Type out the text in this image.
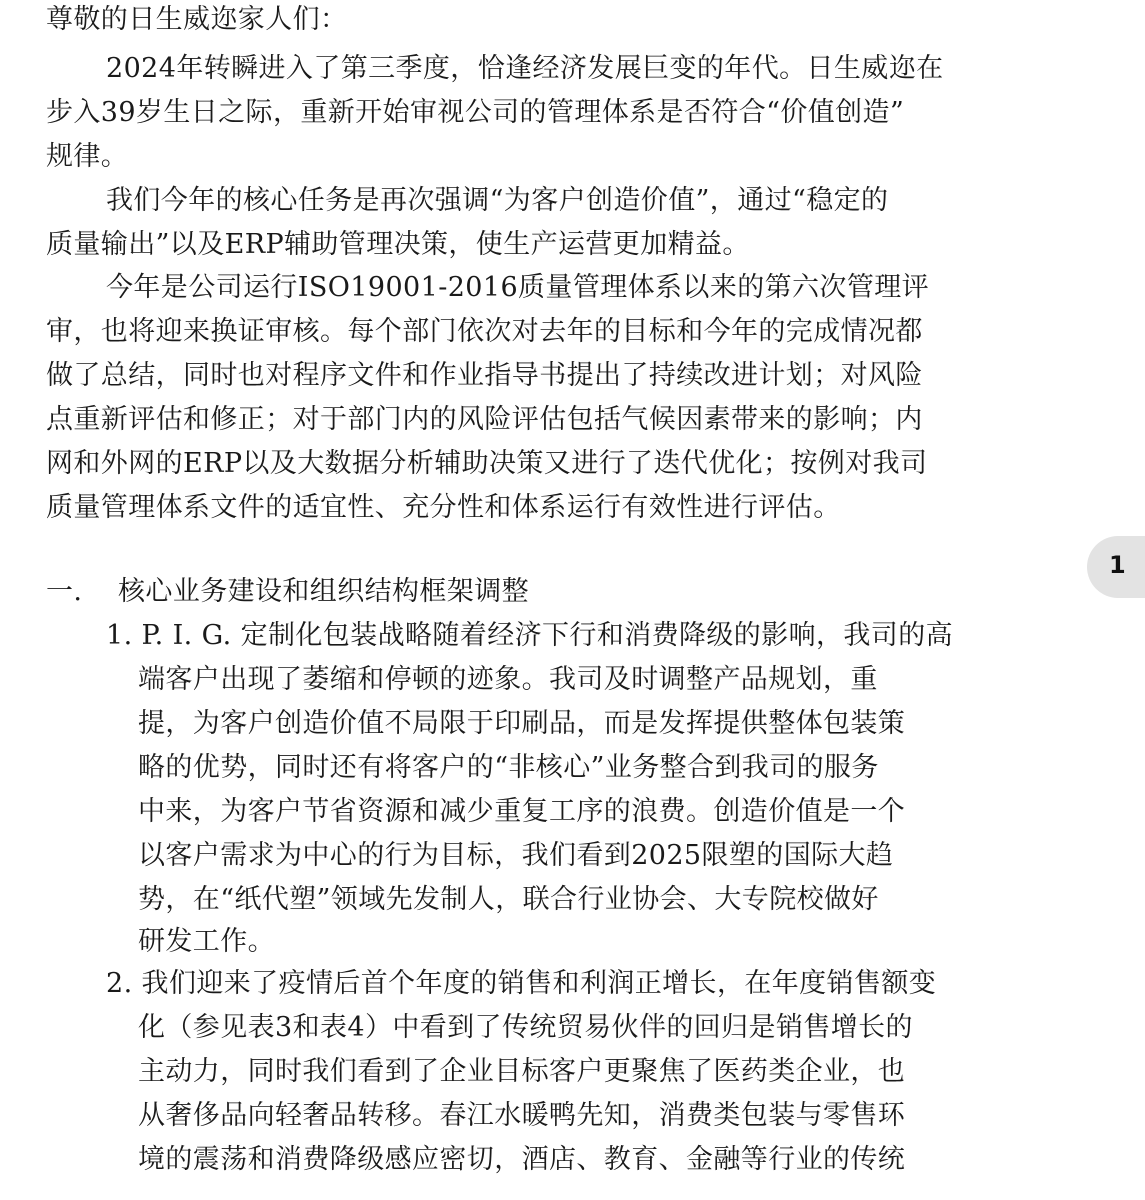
尊敬的日生威迩家人们：
2024年转瞬进入了第三季度，恰逢经济发展巨变的年代。日生威迩在
步入39岁生日之际，重新开始审视公司的管理体系是否符合“价值创造”
规律。
我们今年的核心任务是再次强调“为客户创造价值”，通过“稳定的
质量输出”以及ERP辅助管理决策，使生产运营更加精益。
今年是公司运行ISO19001-2016质量管理体系以来的第六次管理评
审，也将迎来换证审核。每个部门依次对去年的目标和今年的完成情况都
做了总结，同时也对程序文件和作业指导书提出了持续改进计划；对风险
点重新评估和修正；对于部门内的风险评估包括气候因素带来的影响；内
网和外网的ERP以及大数据分析辅助决策又进行了迭代优化；按例对我司
质量管理体系文件的适宜性、充分性和体系运行有效性进行评估。
一. 核心业务建设和组织结构框架调整
1. P. I. G. 定制化包装战略随着经济下行和消费降级的影响，我司的高
端客户出现了萎缩和停顿的迹象。我司及时调整产品规划，重
提，为客户创造价值不局限于印刷品，而是发挥提供整体包装策
略的优势，同时还有将客户的“非核心”业务整合到我司的服务
中来，为客户节省资源和减少重复工序的浪费。创造价值是一个
以客户需求为中心的行为目标，我们看到2025限塑的国际大趋
势，在“纸代塑”领域先发制人，联合行业协会、大专院校做好
研发工作。
2. 我们迎来了疫情后首个年度的销售和利润正增长，在年度销售额变
化（参见表3和表4）中看到了传统贸易伙伴的回归是销售增长的
主动力，同时我们看到了企业目标客户更聚焦了医药类企业，也
从奢侈品向轻奢品转移。春江水暖鸭先知，消费类包装与零售环
境的震荡和消费降级感应密切，酒店、教育、金融等行业的传统
1
